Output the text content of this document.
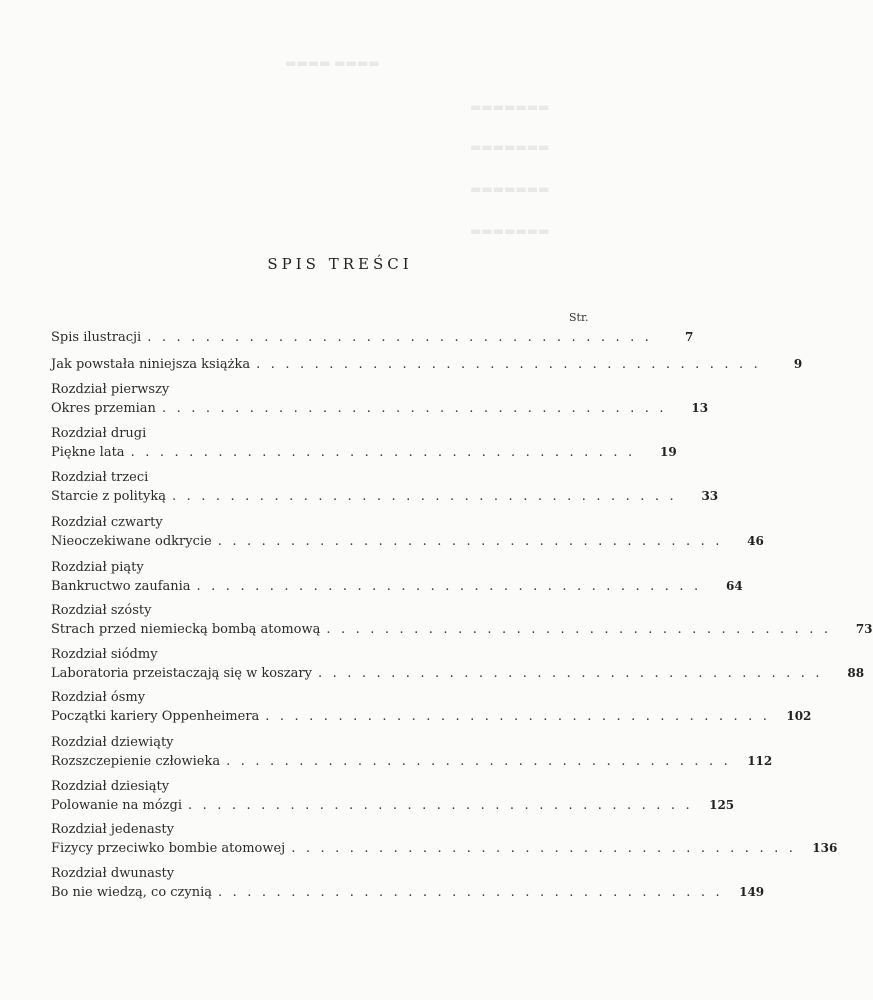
▬▬▬▬ ▬▬▬▬
▬▬▬▬▬▬▬
▬▬▬▬▬▬▬
▬▬▬▬▬▬▬
▬▬▬▬▬▬▬
SPIS TREŚCI
Str.
Spis ilustracji ...................................	7
Jak powstała niniejsza książka ...................................	9
Rozdział pierwszy
Okres przemian ...................................	13
Rozdział drugi
Piękne lata ...................................	19
Rozdział trzeci
Starcie z polityką ...................................	33
Rozdział czwarty
Nieoczekiwane odkrycie ...................................	46
Rozdział piąty
Bankructwo zaufania ...................................	64
Rozdział szósty
Strach przed niemiecką bombą atomową ...................................	73
Rozdział siódmy
Laboratoria przeistaczają się w koszary ...................................	88
Rozdział ósmy
Początki kariery Oppenheimera ................................... 102
Rozdział dziewiąty
Rozszczepienie człowieka ................................... 112
Rozdział dziesiąty
Polowanie na mózgi ................................... 125
Rozdział jedenasty
Fizycy przeciwko bombie atomowej ................................... 136
Rozdział dwunasty
Bo nie wiedzą, co czynią ................................... 149
